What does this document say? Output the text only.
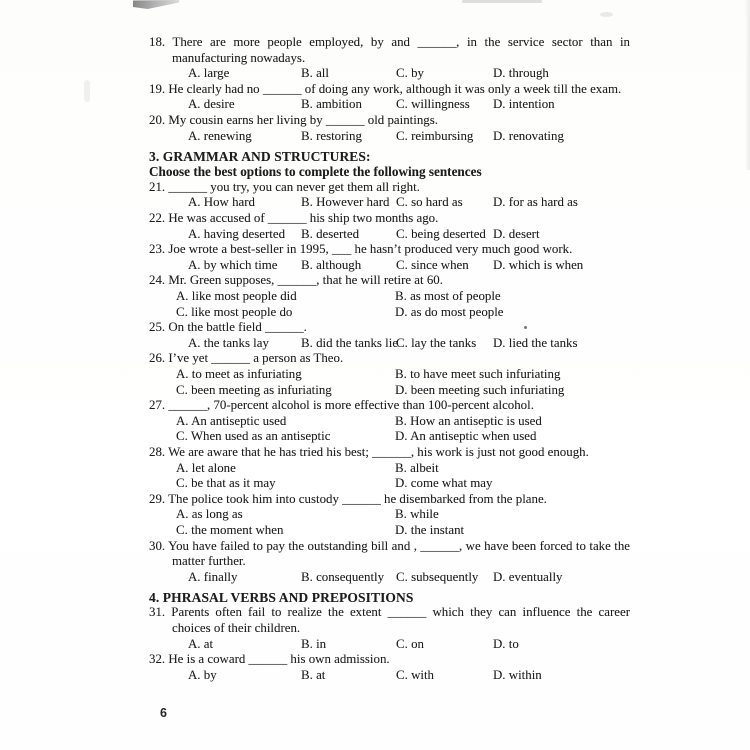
18. There are more people employed, by and ______, in the service sector than in manufacturing nowadays.

A. large	B. all	C. by	D. through

19. He clearly had no ______ of doing any work, although it was only a week till the exam.

A. desire	B. ambition	C. willingness D. intention

20. My cousin earns her living by ______ old paintings.

A. renewing	B. restoring	C. reimbursing D. renovating
3. GRAMMAR AND STRUCTURES:
Choose the best options to complete the following sentences

21. ______ you try, you can never get them all right.

A. How hard	B. However hard C. so hard as D. for as hard as

22. He was accused of ______ his ship two months ago.

A. having deserted B. deserted	C. being deserted D. desert

23. Joe wrote a best-seller in 1995, ___ he hasn’t produced very much good work.

A. by which time B. although	C. since when D. which is when

24. Mr. Green supposes, ______, that he will retire at 60.

A. like most people did	B. as most of people
C. like most people do	D. as do most people

25. On the battle field ______.

A. the tanks lay B. did the tanks lie
C. lay the tanks D. lied the tanks

26. I’ve yet ______ a person as Theo.

A. to meet as infuriating	B. to have meet such infuriating
C. been meeting as infuriating	D. been meeting such infuriating

27. ______, 70-percent alcohol is more effective than 100-percent alcohol.

A. An antiseptic used	B. How an antiseptic is used
C. When used as an antiseptic	D. An antiseptic when used

28. We are aware that he has tried his best; ______, his work is just not good enough.

A. let alone	B. albeit
C. be that as it may	D. come what may

29. The police took him into custody ______ he disembarked from the plane.

A. as long as	B. while
C. the moment when	D. the instant

30. You have failed to pay the outstanding bill and , ______, we have been forced to take the matter further.

A. finally	B. consequently C. subsequently D. eventually
4. PHRASAL VERBS AND PREPOSITIONS

31. Parents often fail to realize the extent ______ which they can influence the career choices of their children.

A. at	B. in	C. on	D. to

32. He is a coward ______ his own admission.

A. by	B. at	C. with	D. within
6
